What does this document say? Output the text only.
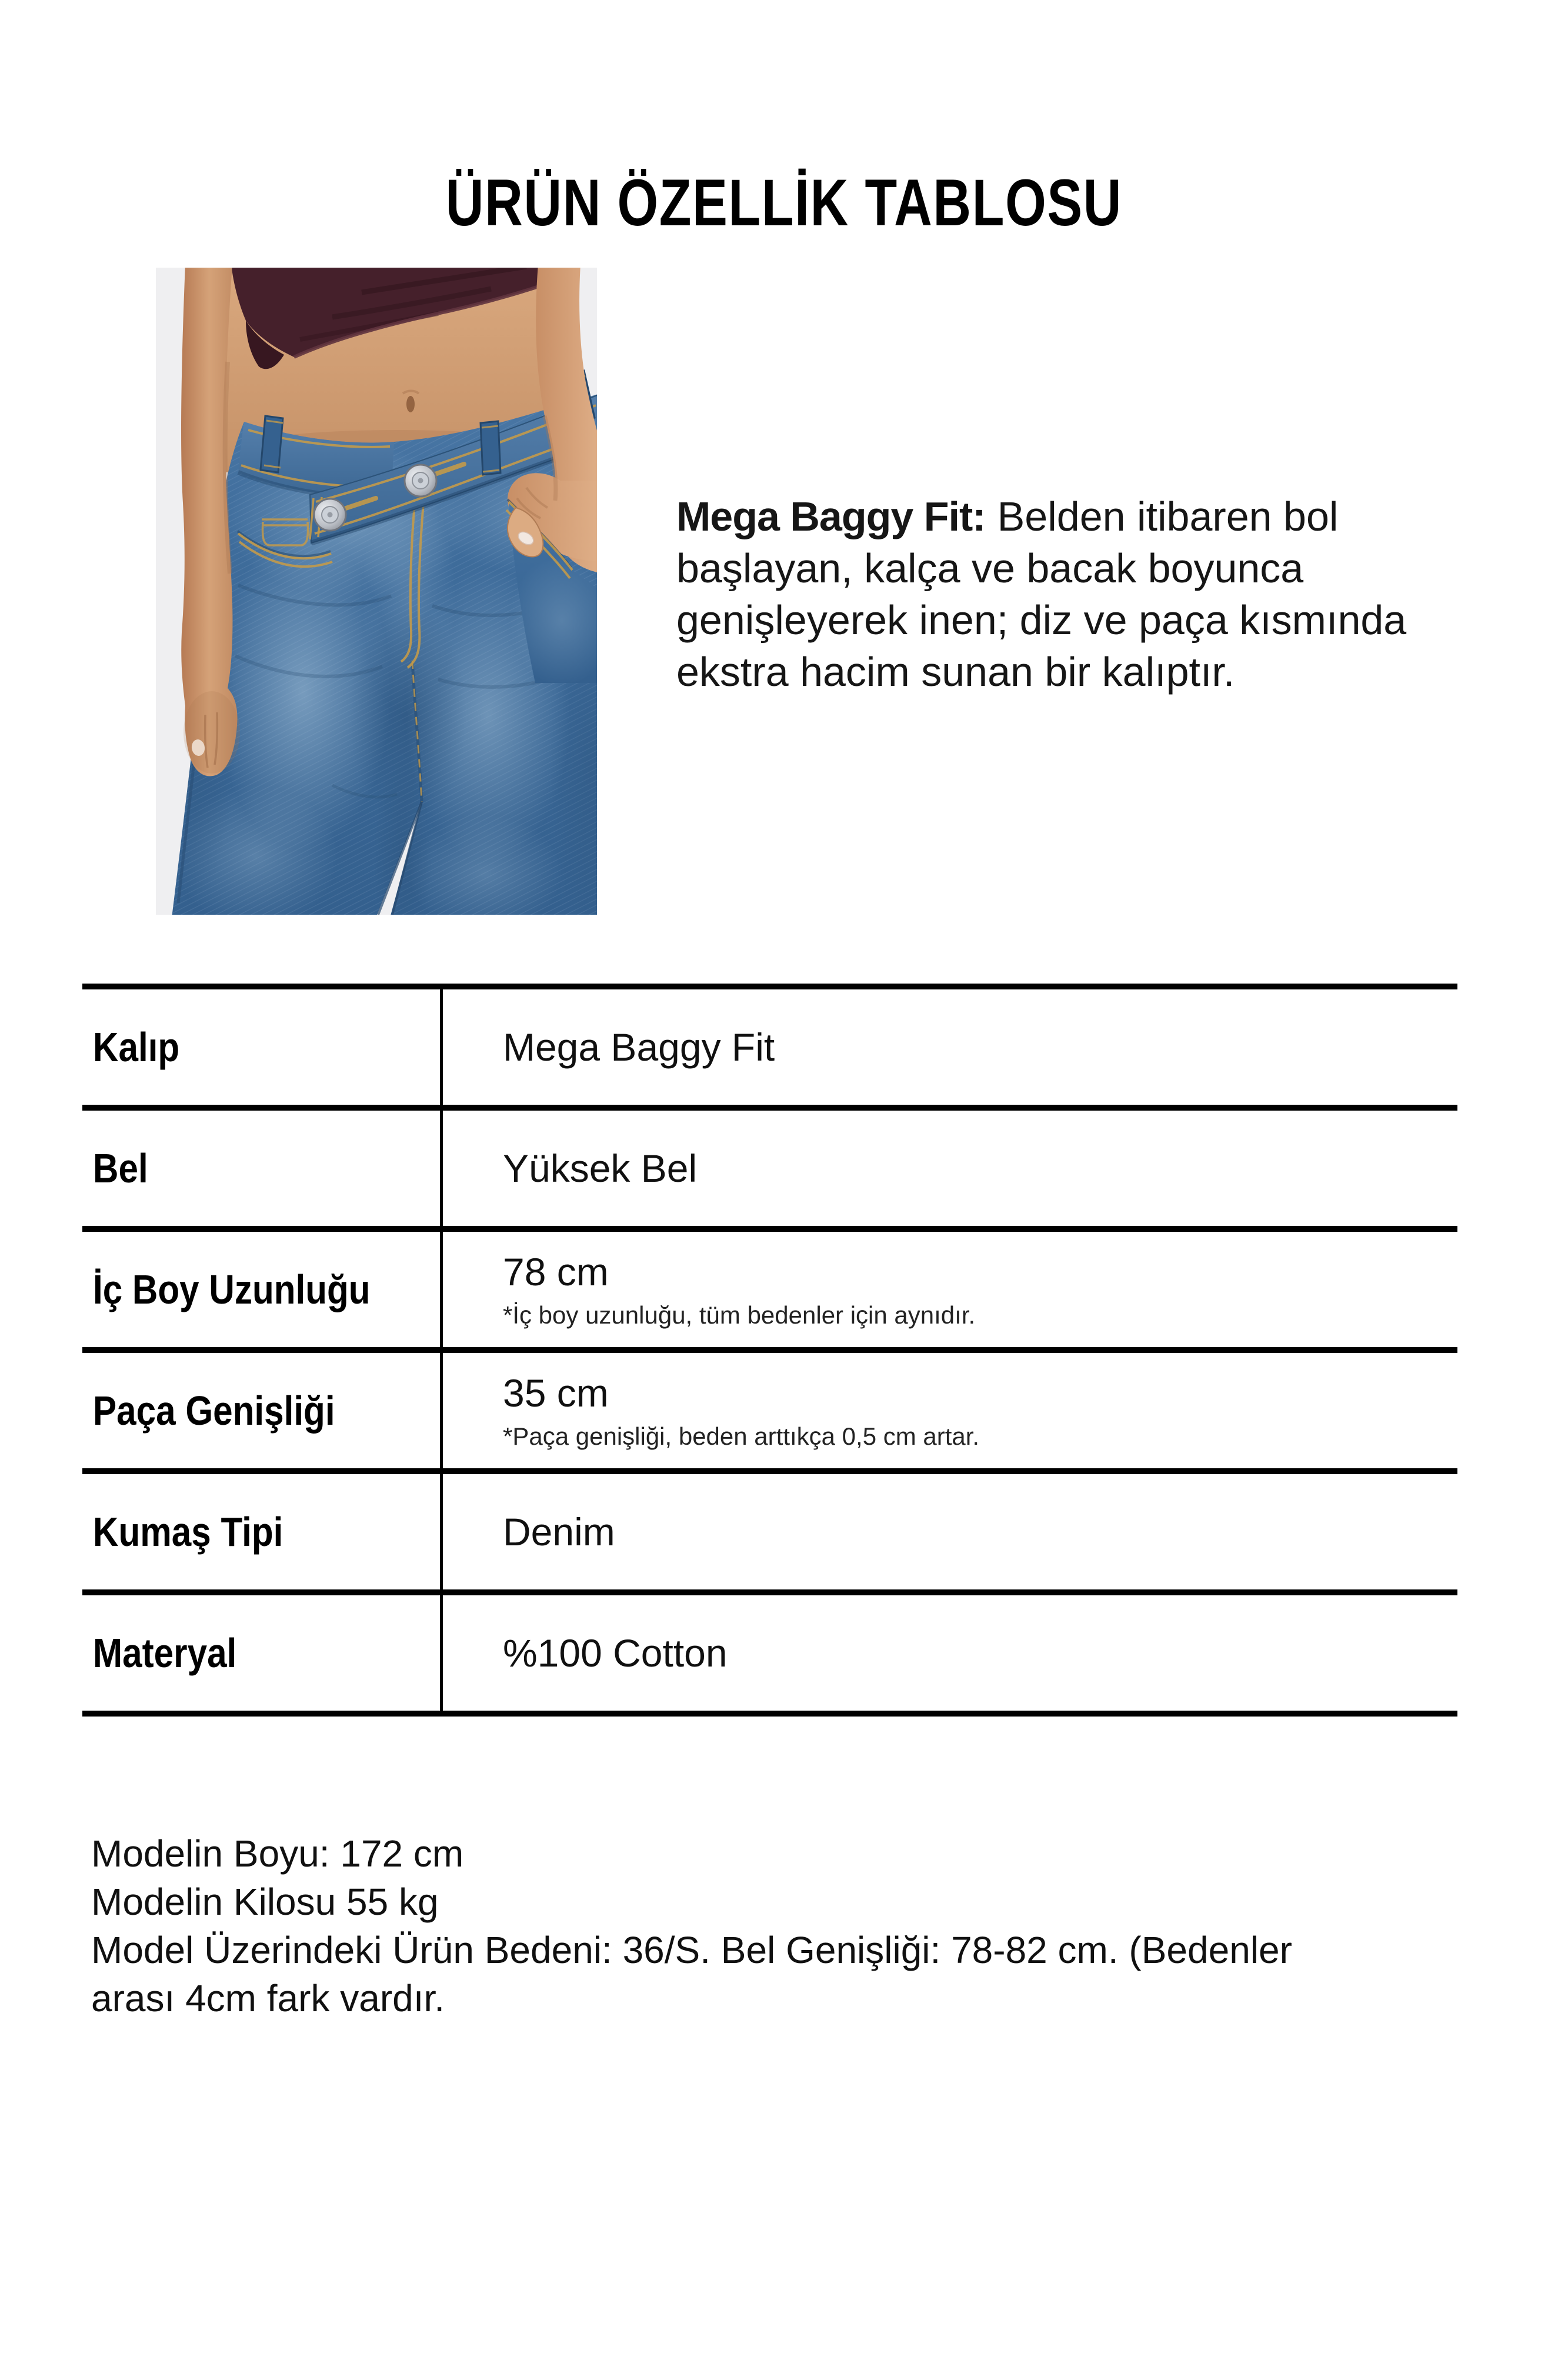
ÜRÜN ÖZELLİK TABLOSU
Mega Baggy Fit: Belden itibaren bol
başlayan, kalça ve bacak boyunca
genişleyerek inen; diz ve paça kısmında
ekstra hacim sunan bir kalıptır.
Kalıp	Mega Baggy Fit
Bel	Yüksek Bel
İç Boy Uzunluğu	78 cm
*İç boy uzunluğu, tüm bedenler için aynıdır.
Paça Genişliği	35 cm
*Paça genişliği, beden arttıkça 0,5 cm artar.
Kumaş Tipi	Denim
Materyal	%100 Cotton
Modelin Boyu: 172 cm
Modelin Kilosu 55 kg
Model Üzerindeki Ürün Bedeni: 36/S. Bel Genişliği: 78-82 cm. (Bedenler
arası 4cm fark vardır.
